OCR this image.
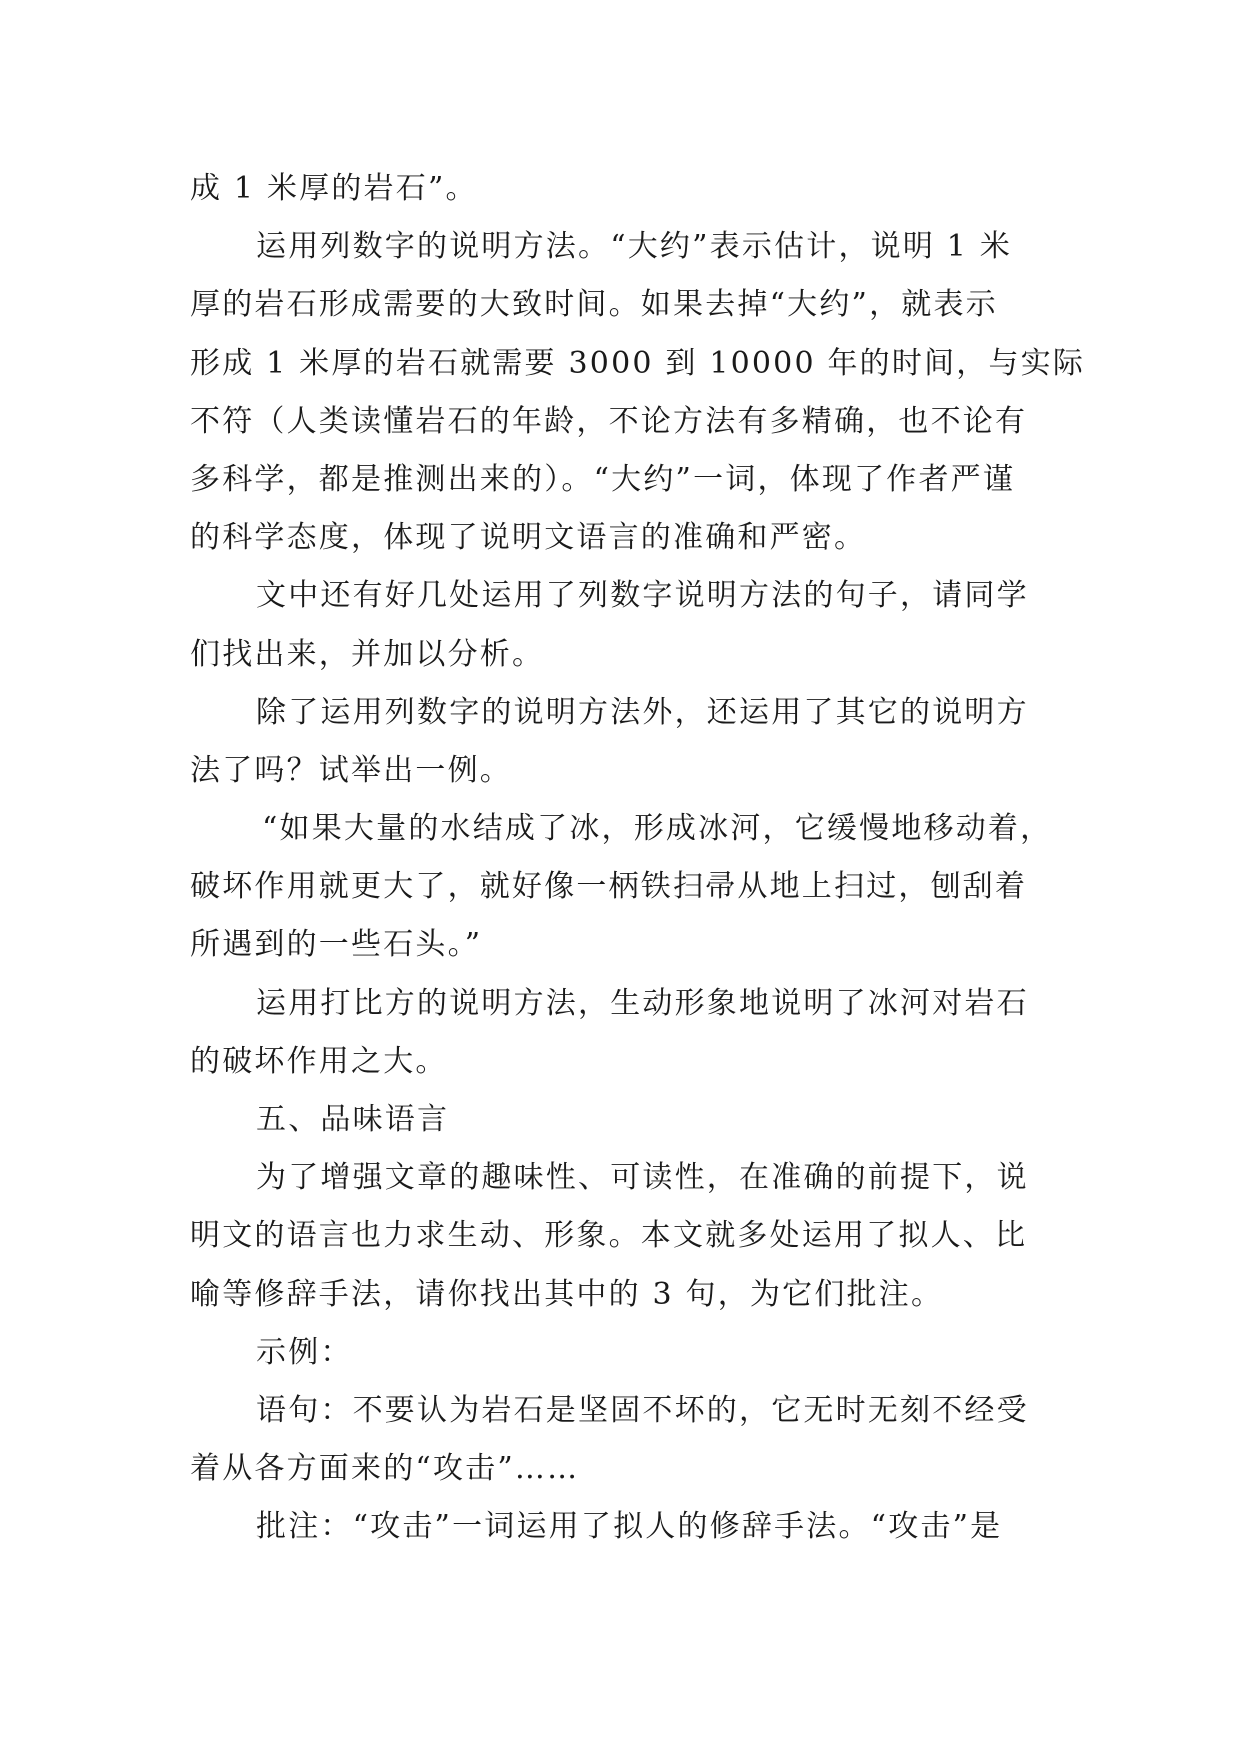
成 1 米厚的岩石”。
运用列数字的说明方法。“大约”表示估计，说明 1 米
厚的岩石形成需要的大致时间。如果去掉“大约”，就表示
形成 1 米厚的岩石就需要 3000 到 10000 年的时间，与实际
不符（人类读懂岩石的年龄，不论方法有多精确，也不论有
多科学，都是推测出来的）。“大约”一词，体现了作者严谨
的科学态度，体现了说明文语言的准确和严密。
文中还有好几处运用了列数字说明方法的句子，请同学
们找出来，并加以分析。
除了运用列数字的说明方法外，还运用了其它的说明方
法了吗？试举出一例。
“如果大量的水结成了冰，形成冰河，它缓慢地移动着，
破坏作用就更大了，就好像一柄铁扫帚从地上扫过，刨刮着
所遇到的一些石头。”
运用打比方的说明方法，生动形象地说明了冰河对岩石
的破坏作用之大。
五、品味语言
为了增强文章的趣味性、可读性，在准确的前提下，说
明文的语言也力求生动、形象。本文就多处运用了拟人、比
喻等修辞手法，请你找出其中的 3 句，为它们批注。
示例：
语句：不要认为岩石是坚固不坏的，它无时无刻不经受
着从各方面来的“攻击”……
批注：“攻击”一词运用了拟人的修辞手法。“攻击”是
